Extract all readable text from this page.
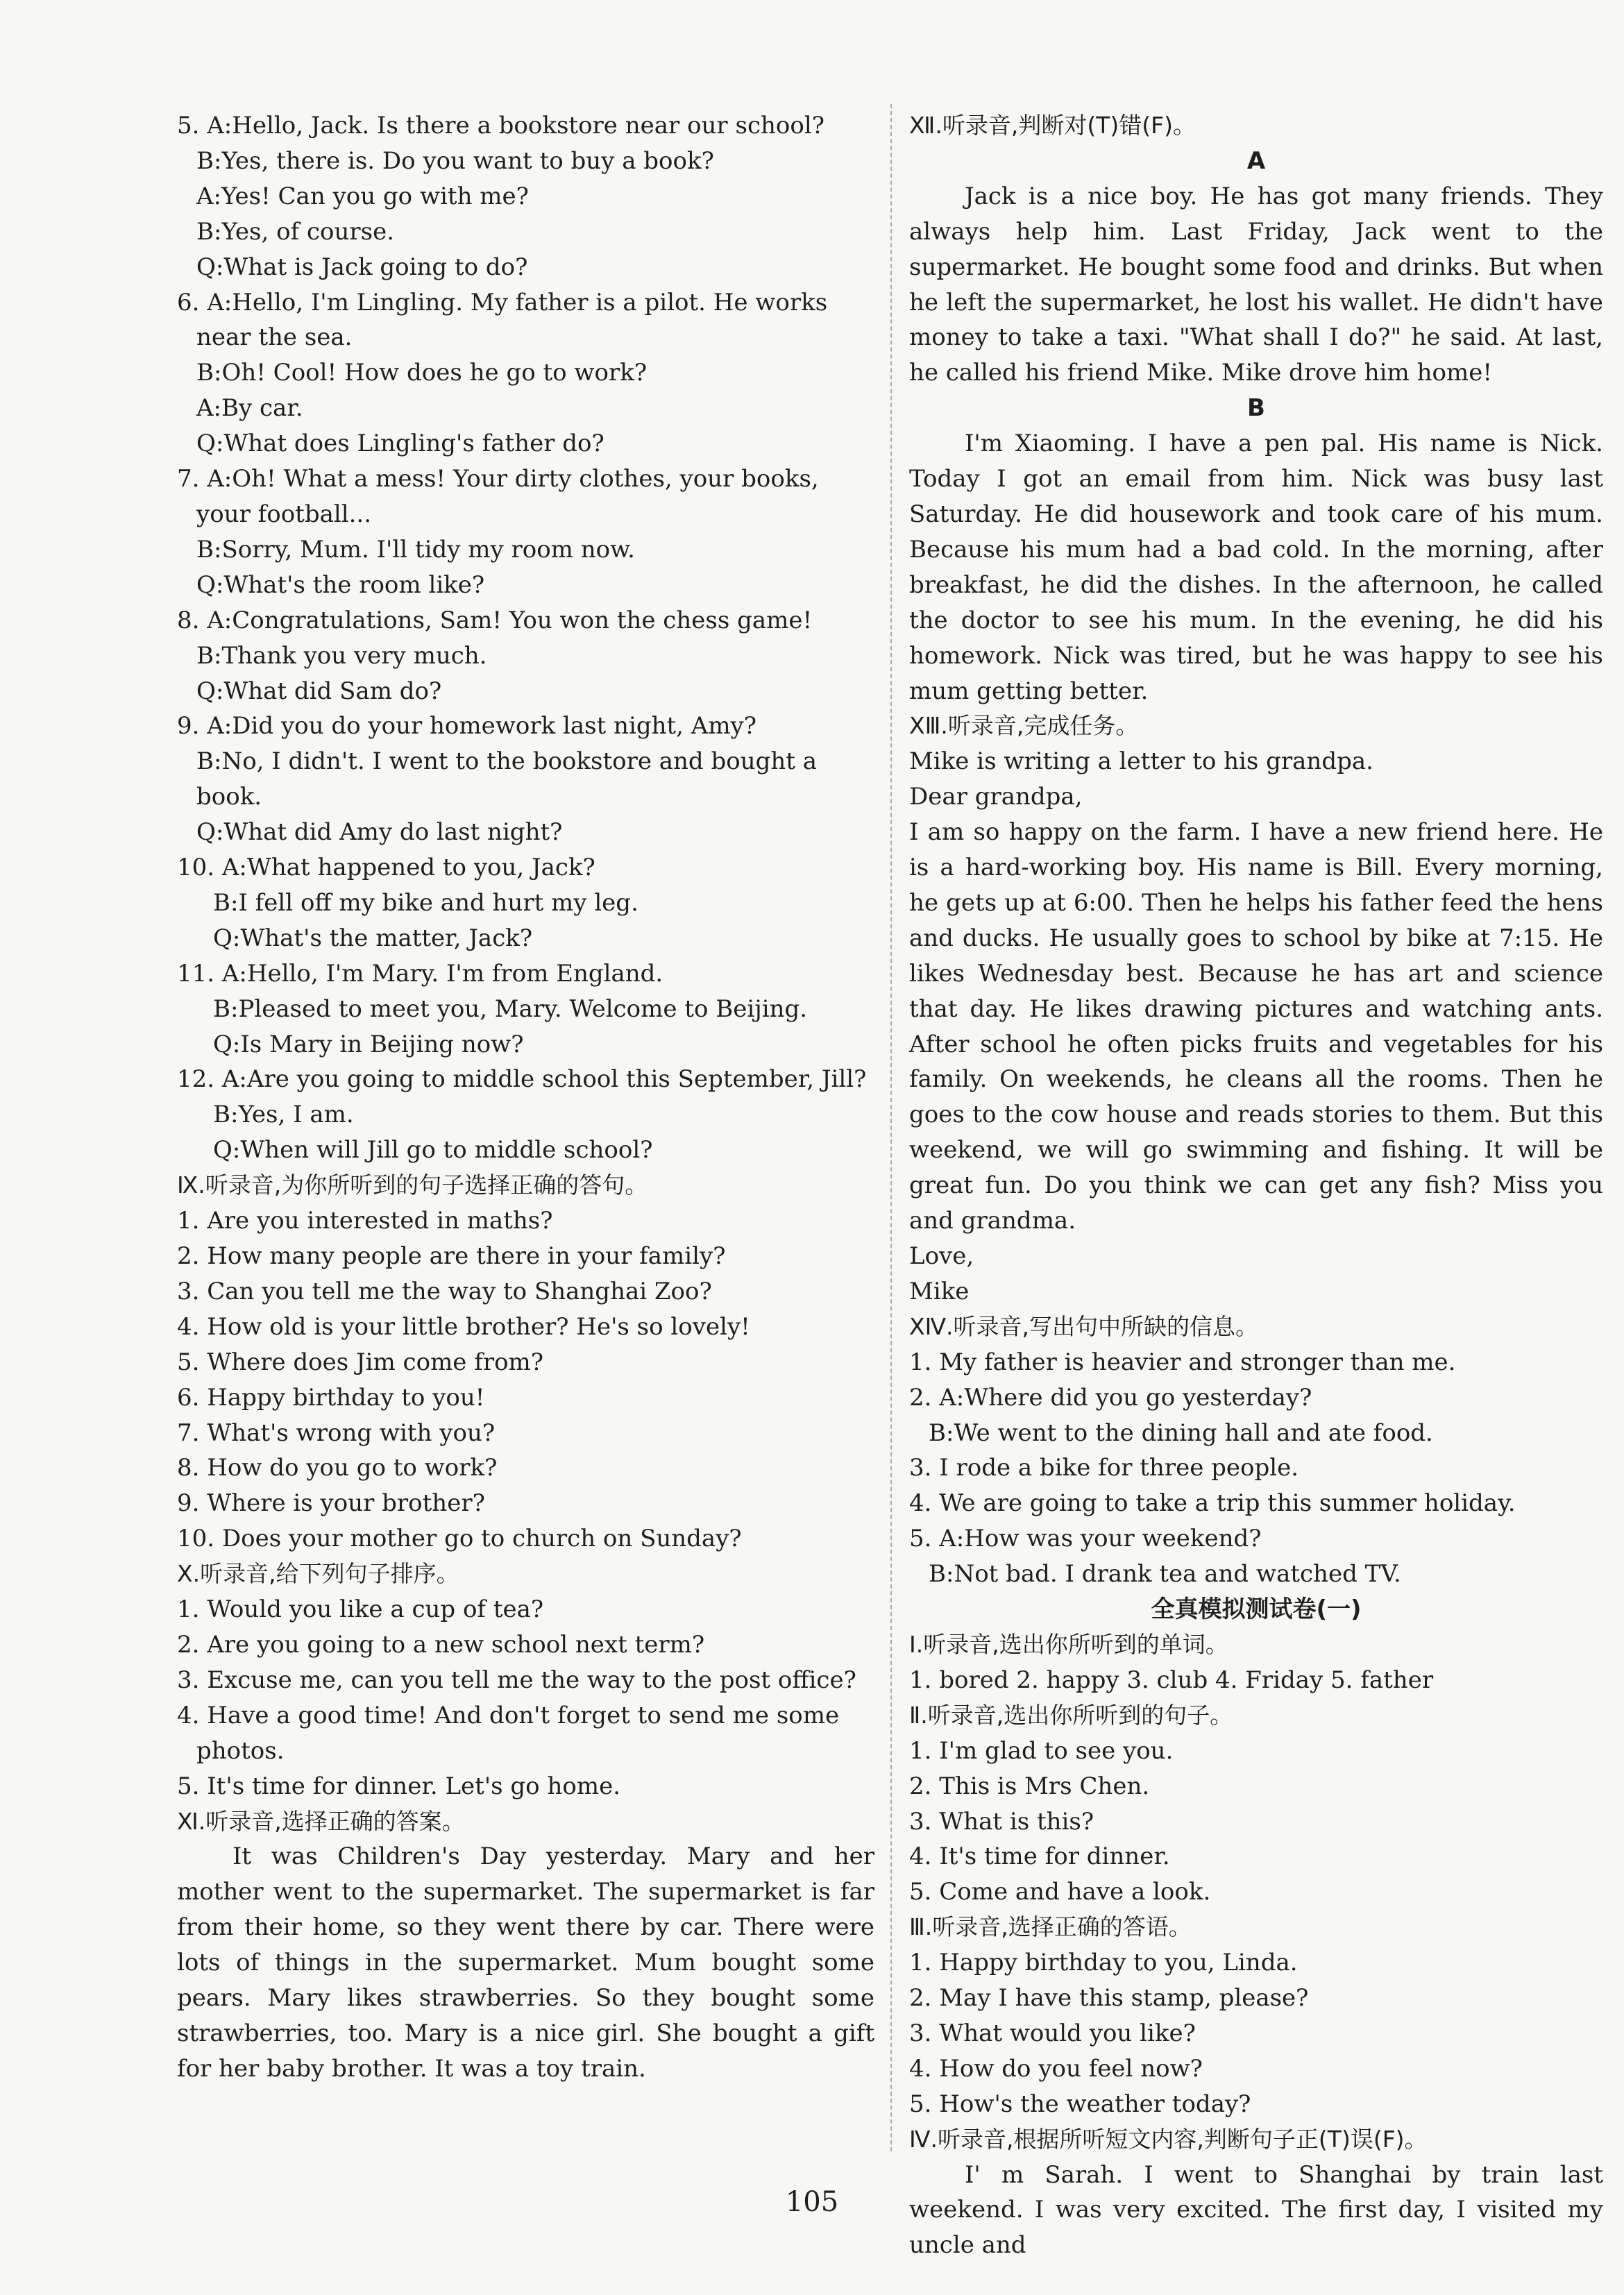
5. A:Hello, Jack. Is there a bookstore near our school?
B:Yes, there is. Do you want to buy a book?
A:Yes! Can you go with me?
B:Yes, of course.
Q:What is Jack going to do?
6. A:Hello, I'm Lingling. My father is a pilot. He works
near the sea.
B:Oh! Cool! How does he go to work?
A:By car.
Q:What does Lingling's father do?
7. A:Oh! What a mess! Your dirty clothes, your books,
your football...
B:Sorry, Mum. I'll tidy my room now.
Q:What's the room like?
8. A:Congratulations, Sam! You won the chess game!
B:Thank you very much.
Q:What did Sam do?
9. A:Did you do your homework last night, Amy?
B:No, I didn't. I went to the bookstore and bought a
book.
Q:What did Amy do last night?
10. A:What happened to you, Jack?
B:I fell off my bike and hurt my leg.
Q:What's the matter, Jack?
11. A:Hello, I'm Mary. I'm from England.
B:Pleased to meet you, Mary. Welcome to Beijing.
Q:Is Mary in Beijing now?
12. A:Are you going to middle school this September, Jill?
B:Yes, I am.
Q:When will Jill go to middle school?
Ⅸ.听录音,为你所听到的句子选择正确的答句。
1. Are you interested in maths?
2. How many people are there in your family?
3. Can you tell me the way to Shanghai Zoo?
4. How old is your little brother? He's so lovely!
5. Where does Jim come from?
6. Happy birthday to you!
7. What's wrong with you?
8. How do you go to work?
9. Where is your brother?
10. Does your mother go to church on Sunday?
Ⅹ.听录音,给下列句子排序。
1. Would you like a cup of tea?
2. Are you going to a new school next term?
3. Excuse me, can you tell me the way to the post office?
4. Have a good time! And don't forget to send me some
photos.
5. It's time for dinner. Let's go home.
Ⅺ.听录音,选择正确的答案。
It was Children's Day yesterday. Mary and her mother went to the supermarket. The supermarket is far from their home, so they went there by car. There were lots of things in the supermarket. Mum bought some pears. Mary likes strawberries. So they bought some strawberries, too. Mary is a nice girl. She bought a gift for her baby brother. It was a toy train.
Ⅻ.听录音,判断对(T)错(F)。
A
Jack is a nice boy. He has got many friends. They always help him. Last Friday, Jack went to the supermarket. He bought some food and drinks. But when he left the supermarket, he lost his wallet. He didn't have money to take a taxi. "What shall I do?" he said. At last, he called his friend Mike. Mike drove him home!
B
I'm Xiaoming. I have a pen pal. His name is Nick. Today I got an email from him. Nick was busy last Saturday. He did housework and took care of his mum. Because his mum had a bad cold. In the morning, after breakfast, he did the dishes. In the afternoon, he called the doctor to see his mum. In the evening, he did his homework. Nick was tired, but he was happy to see his mum getting better.
ⅩⅢ.听录音,完成任务。
Mike is writing a letter to his grandpa.
Dear grandpa,
I am so happy on the farm. I have a new friend here. He is a hard-working boy. His name is Bill. Every morning, he gets up at 6:00. Then he helps his father feed the hens and ducks. He usually goes to school by bike at 7:15. He likes Wednesday best. Because he has art and science that day. He likes drawing pictures and watching ants. After school he often picks fruits and vegetables for his family. On weekends, he cleans all the rooms. Then he goes to the cow house and reads stories to them. But this weekend, we will go swimming and fishing. It will be great fun. Do you think we can get any fish? Miss you and grandma.
Love,
Mike
ⅩⅣ.听录音,写出句中所缺的信息。
1. My father is heavier and stronger than me.
2. A:Where did you go yesterday?
B:We went to the dining hall and ate food.
3. I rode a bike for three people.
4. We are going to take a trip this summer holiday.
5. A:How was your weekend?
B:Not bad. I drank tea and watched TV.
全真模拟测试卷(一)
Ⅰ.听录音,选出你所听到的单词。
1. bored 2. happy 3. club 4. Friday 5. father
Ⅱ.听录音,选出你所听到的句子。
1. I'm glad to see you.
2. This is Mrs Chen.
3. What is this?
4. It's time for dinner.
5. Come and have a look.
Ⅲ.听录音,选择正确的答语。
1. Happy birthday to you, Linda.
2. May I have this stamp, please?
3. What would you like?
4. How do you feel now?
5. How's the weather today?
Ⅳ.听录音,根据所听短文内容,判断句子正(T)误(F)。
I' m Sarah. I went to Shanghai by train last weekend. I was very excited. The first day, I visited my uncle and
105
